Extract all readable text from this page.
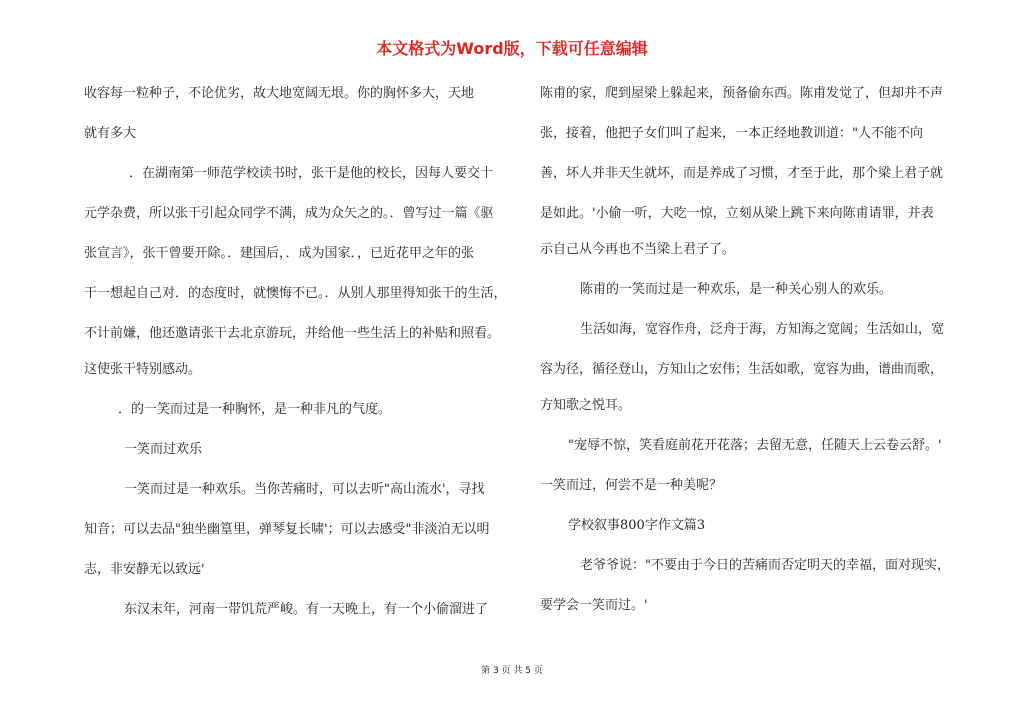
本文格式为Word版，下载可任意编辑

收容每一粒种子，不论优劣，故大地宽阔无垠。你的胸怀多大，天地

就有多大

．在湖南第一师范学校读书时，张干是他的校长，因每人要交十

元学杂费，所以张干引起众同学不满，成为众矢之的。．曾写过一篇《驱

张宣言》，张干曾要开除。．建国后，．成为国家．，已近花甲之年的张

干一想起自己对．的态度时，就懊悔不已。．从别人那里得知张干的生活，

不计前嫌，他还邀请张干去北京游玩，并给他一些生活上的补贴和照看。

这使张干特别感动。

．的一笑而过是一种胸怀，是一种非凡的气度。

一笑而过欢乐

一笑而过是一种欢乐。当你苦痛时，可以去听"高山流水'，寻找

知音；可以去品"独坐幽篁里，弹琴复长啸'；可以去感受"非淡泊无以明

志，非安静无以致远'

东汉末年，河南一带饥荒严峻。有一天晚上，有一个小偷溜进了

陈甫的家，爬到屋梁上躲起来，预备偷东西。陈甫发觉了，但却并不声

张，接着，他把子女们叫了起来，一本正经地教训道："人不能不向

善，坏人并非天生就坏，而是养成了习惯，才至于此，那个梁上君子就

是如此。'小偷一听，大吃一惊，立刻从梁上跳下来向陈甫请罪，并表

示自己从今再也不当梁上君子了。

陈甫的一笑而过是一种欢乐，是一种关心别人的欢乐。

生活如海，宽容作舟，泛舟于海，方知海之宽阔；生活如山，宽

容为径，循径登山，方知山之宏伟；生活如歌，宽容为曲，谱曲而歌，

方知歌之悦耳。

"宠辱不惊，笑看庭前花开花落；去留无意，任随天上云卷云舒。'

一笑而过，何尝不是一种美呢？

学校叙事800字作文篇3

老爷爷说："不要由于今日的苦痛而否定明天的幸福，面对现实，

要学会一笑而过。'

第 3 页 共 5 页
